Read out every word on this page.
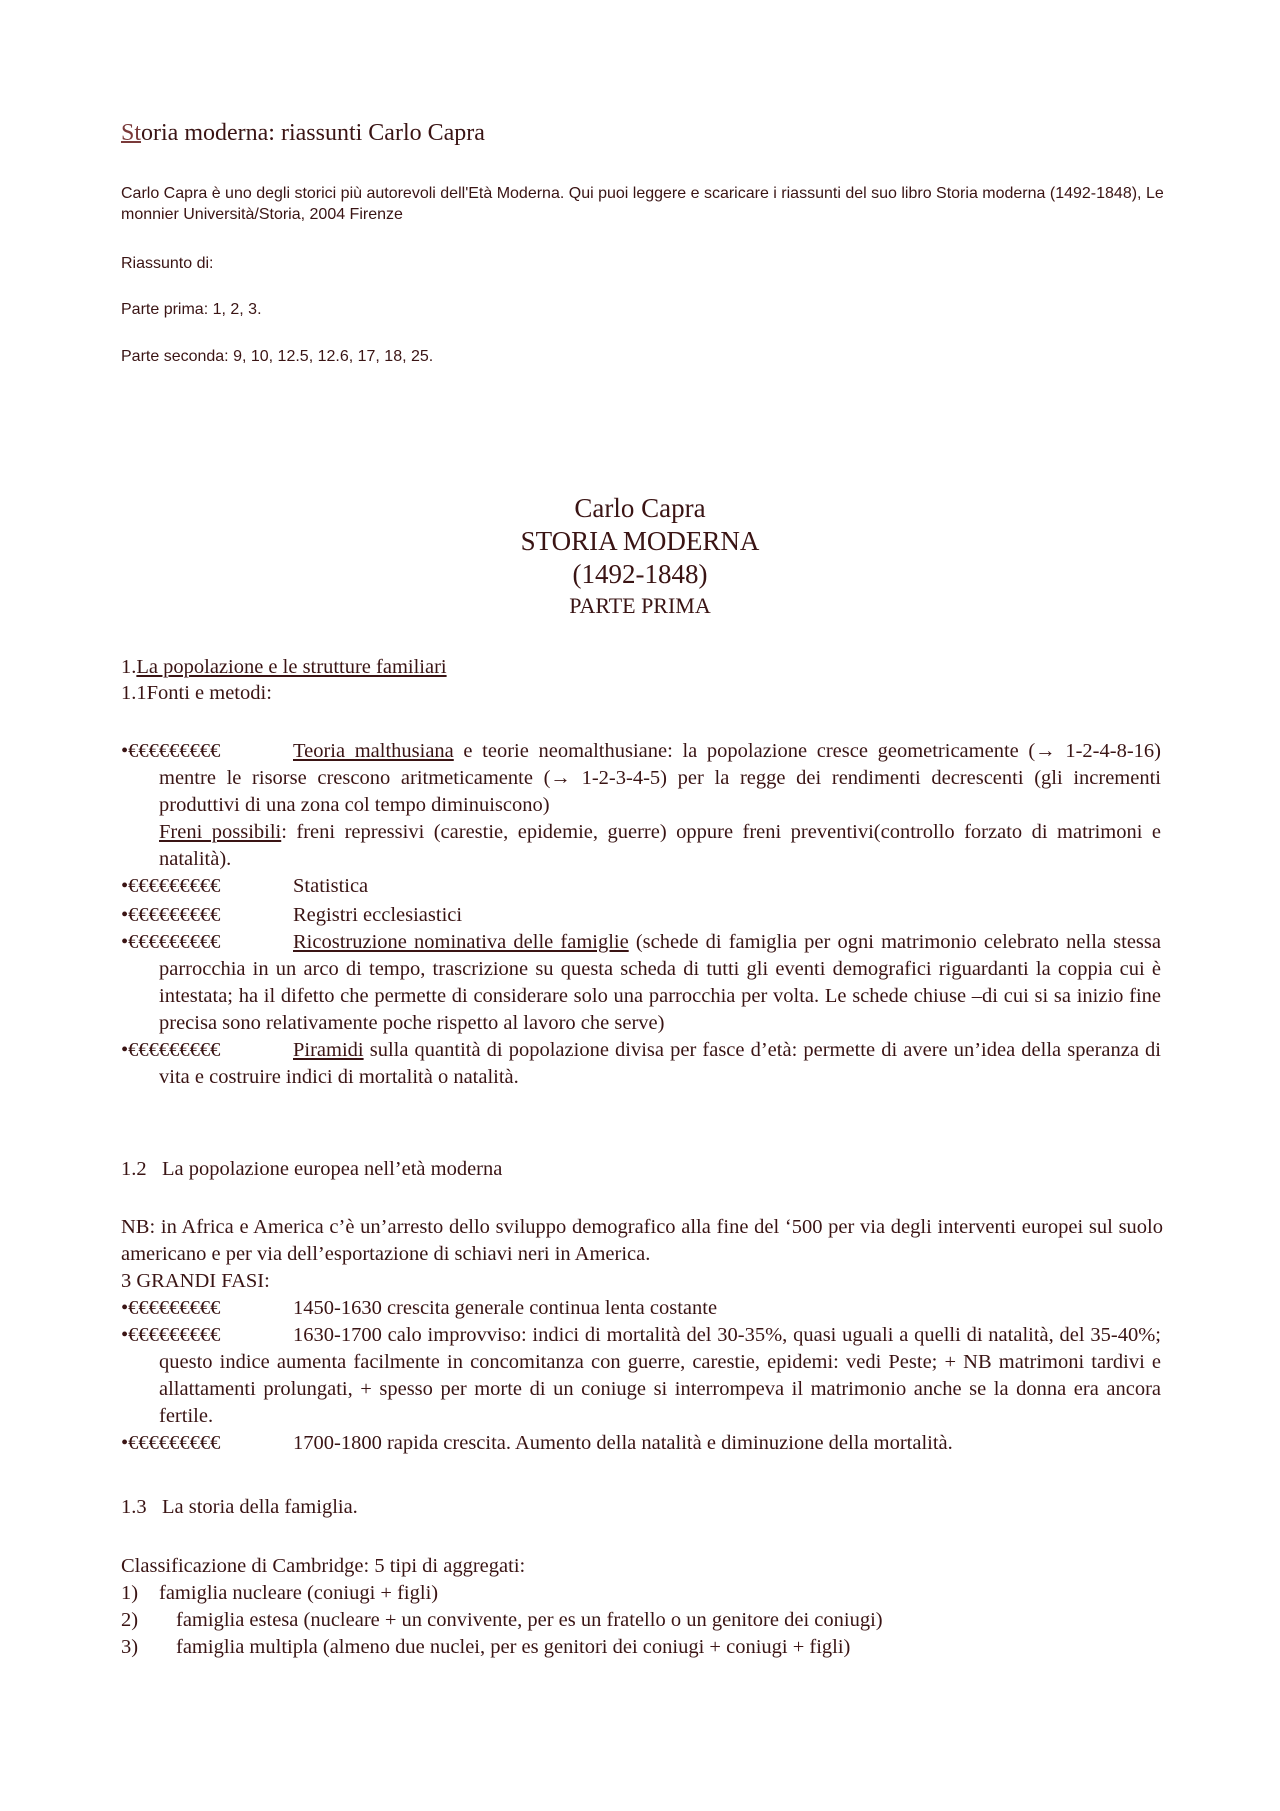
Storia moderna: riassunti Carlo Capra
Carlo Capra è uno degli storici più autorevoli dell'Età Moderna. Qui puoi leggere e scaricare i riassunti del suo libro Storia moderna (1492-1848), Le monnier Università/Storia, 2004 Firenze
Riassunto di:
Parte prima: 1, 2, 3.
Parte seconda: 9, 10, 12.5, 12.6, 17, 18, 25.
Carlo Capra
STORIA MODERNA
(1492-1848)
PARTE PRIMA
1.La popolazione e le strutture familiari
1.1Fonti e metodi:
•€€€€€€€€€	Teoria malthusiana e teorie neomalthusiane: la popolazione cresce geometricamente (→ 1-2-4-8-16) mentre le risorse crescono aritmeticamente (→ 1-2-3-4-5) per la regge dei rendimenti decrescenti (gli incrementi produttivi di una zona col tempo diminuiscono)
Freni possibili: freni repressivi (carestie, epidemie, guerre) oppure freni preventivi(controllo forzato di matrimoni e natalità).
•€€€€€€€€€	Statistica
•€€€€€€€€€	Registri ecclesiastici
•€€€€€€€€€	Ricostruzione nominativa delle famiglie (schede di famiglia per ogni matrimonio celebrato nella stessa parrocchia in un arco di tempo, trascrizione su questa scheda di tutti gli eventi demografici riguardanti la coppia cui è intestata; ha il difetto che permette di considerare solo una parrocchia per volta. Le schede chiuse –di cui si sa inizio fine precisa sono relativamente poche rispetto al lavoro che serve)
•€€€€€€€€€	Piramidi sulla quantità di popolazione divisa per fasce d’età: permette di avere un’idea della speranza di vita e costruire indici di mortalità o natalità.
1.2   La popolazione europea nell’età moderna
NB: in Africa e America c’è un’arresto dello sviluppo demografico alla fine del ‘500 per via degli interventi europei sul suolo americano e per via dell’esportazione di schiavi neri in America.
3 GRANDI FASI:
•€€€€€€€€€	1450-1630 crescita generale continua lenta costante
•€€€€€€€€€	1630-1700 calo improvviso: indici di mortalità del 30-35%, quasi uguali a quelli di natalità, del 35-40%; questo indice aumenta facilmente in concomitanza con guerre, carestie, epidemi: vedi Peste; + NB matrimoni tardivi e allattamenti prolungati, + spesso per morte di un coniuge si interrompeva il matrimonio anche se la donna era ancora fertile.
•€€€€€€€€€	1700-1800 rapida crescita. Aumento della natalità e diminuzione della mortalità.
1.3   La storia della famiglia.
Classificazione di Cambridge: 5 tipi di aggregati:
1) famiglia nucleare (coniugi + figli)
2) famiglia estesa (nucleare + un convivente, per es un fratello o un genitore dei coniugi)
3) famiglia multipla (almeno due nuclei, per es genitori dei coniugi + coniugi + figli)
